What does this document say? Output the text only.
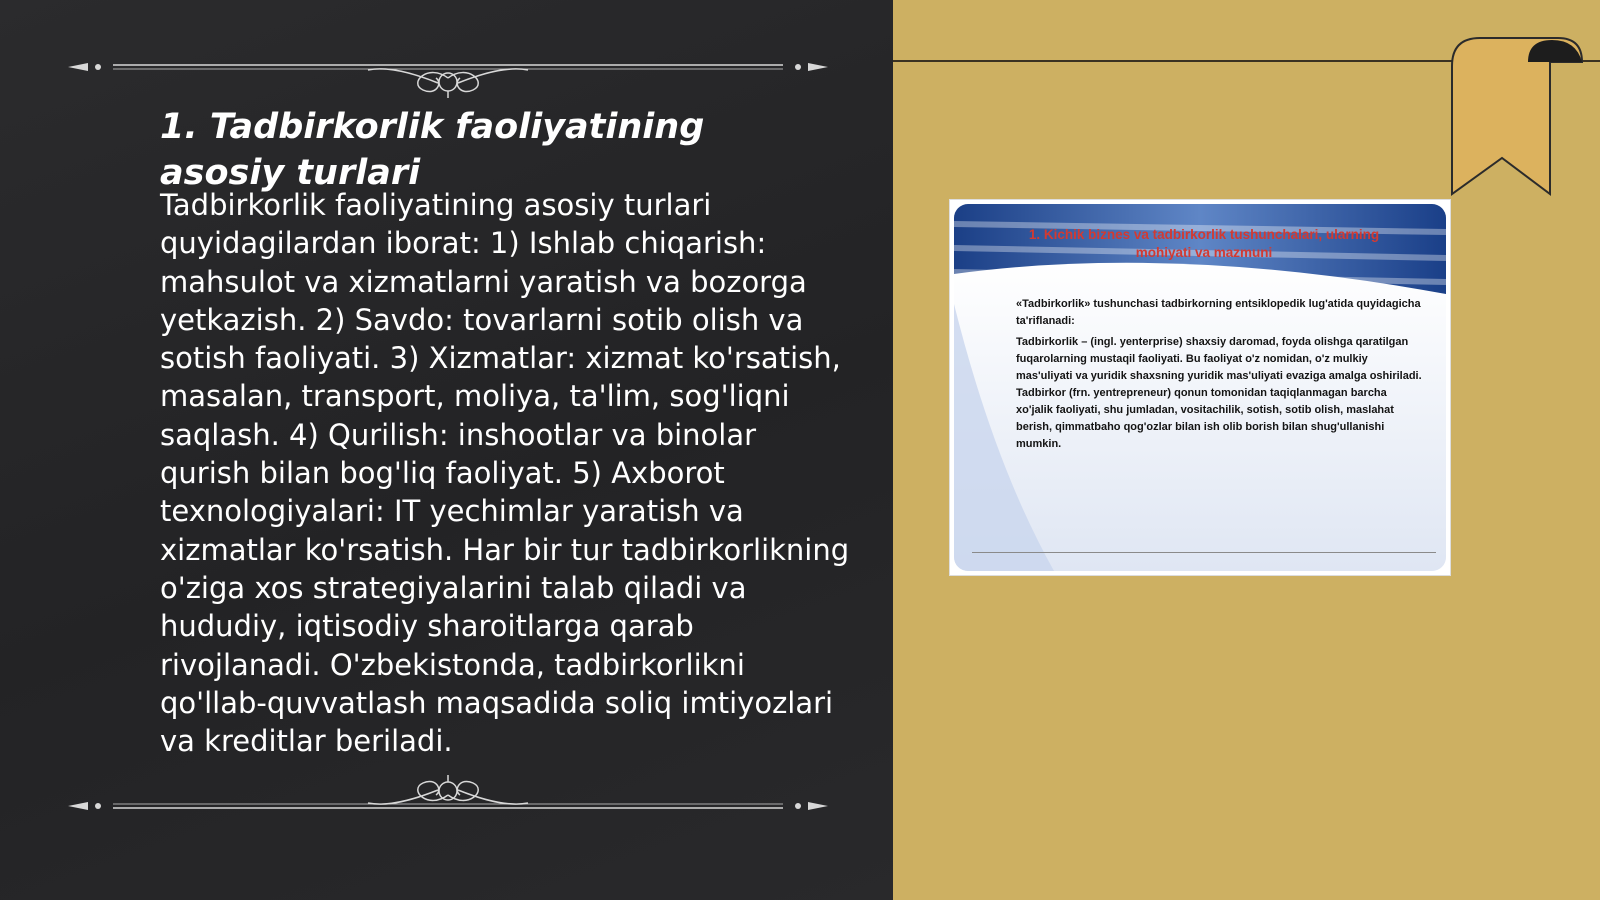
1. Tadbirkorlik faoliyatining asosiy turlari

Tadbirkorlik faoliyatining asosiy turlari quyidagilardan iborat: 1) Ishlab chiqarish: mahsulot va xizmatlarni yaratish va bozorga yetkazish. 2) Savdo: tovarlarni sotib olish va sotish faoliyati. 3) Xizmatlar: xizmat ko'rsatish, masalan, transport, moliya, ta'lim, sog'liqni saqlash. 4) Qurilish: inshootlar va binolar qurish bilan bog'liq faoliyat. 5) Axborot texnologiyalari: IT yechimlar yaratish va xizmatlar ko'rsatish. Har bir tur tadbirkorlikning o'ziga xos strategiyalarini talab qiladi va hududiy, iqtisodiy sharoitlarga qarab rivojlanadi. O'zbekistonda, tadbirkorlikni qo'llab-quvvatlash maqsadida soliq imtiyozlari va kreditlar beriladi.

1. Kichik biznes va tadbirkorlik tushunchalari, ularning mohiyati va mazmuni

«Tadbirkorlik» tushunchasi tadbirkorning entsiklopedik lug'atida quyidagicha ta'riflanadi:

Tadbirkorlik – (ingl. yenterprise) shaxsiy daromad, foyda olishga qaratilgan fuqarolarning mustaqil faoliyati. Bu faoliyat o'z nomidan, o'z mulkiy mas'uliyati va yuridik shaxsning yuridik mas'uliyati evaziga amalga oshiriladi. Tadbirkor (frn. yentrepreneur) qonun tomonidan taqiqlanmagan barcha xo'jalik faoliyati, shu jumladan, vositachilik, sotish, sotib olish, maslahat berish, qimmatbaho qog'ozlar bilan ish olib borish bilan shug'ullanishi mumkin.
